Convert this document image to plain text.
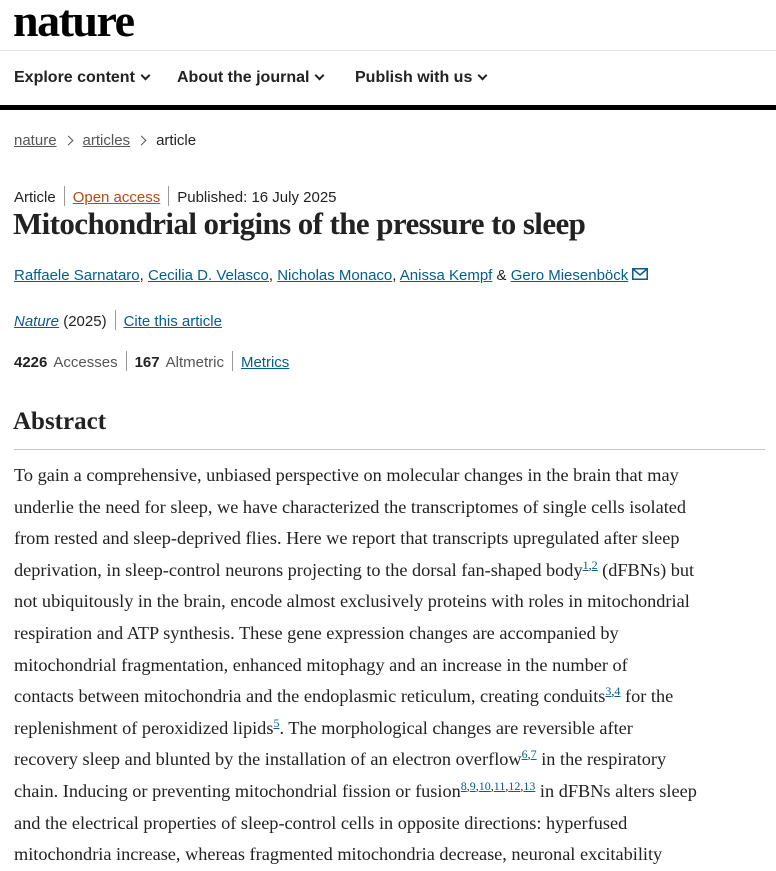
nature
Explore content	About the journal	Publish with us
nature articles article
Article Open access Published: 16 July 2025
Mitochondrial origins of the pressure to sleep
Raffaele Sarnataro, Cecilia D. Velasco, Nicholas Monaco, Anissa Kempf & Gero Miesenböck
Nature (2025) Cite this article
4226 Accesses 167 Altmetric Metrics
Abstract
To gain a comprehensive, unbiased perspective on molecular changes in the brain that may
underlie the need for sleep, we have characterized the transcriptomes of single cells isolated
from rested and sleep-deprived flies. Here we report that transcripts upregulated after sleep
deprivation, in sleep-control neurons projecting to the dorsal fan-shaped body$^{1,2}$ (dFBNs) but
not ubiquitously in the brain, encode almost exclusively proteins with roles in mitochondrial
respiration and ATP synthesis. These gene expression changes are accompanied by
mitochondrial fragmentation, enhanced mitophagy and an increase in the number of
contacts between mitochondria and the endoplasmic reticulum, creating conduits$^{3,4}$ for the
replenishment of peroxidized lipids$^5$. The morphological changes are reversible after
recovery sleep and blunted by the installation of an electron overflow$^{6,7}$ in the respiratory
chain. Inducing or preventing mitochondrial fission or fusion$^{8,9,10,11,12,13}$ in dFBNs alters sleep
and the electrical properties of sleep-control cells in opposite directions: hyperfused
mitochondria increase, whereas fragmented mitochondria decrease, neuronal excitability
